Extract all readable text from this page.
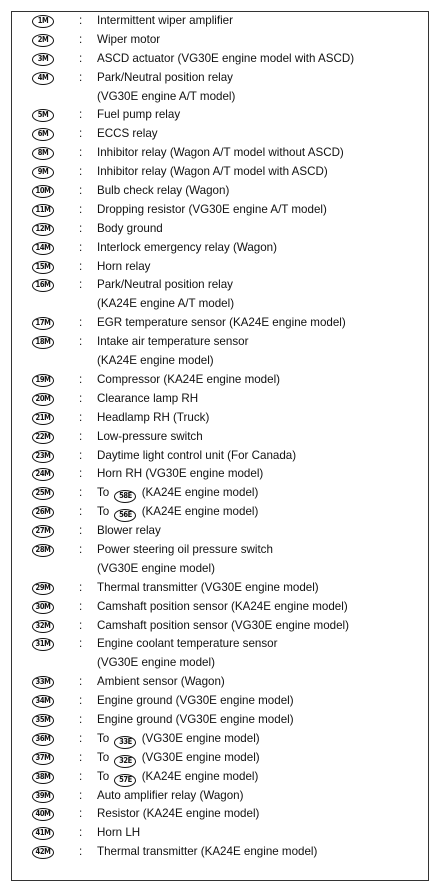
1M	: Intermittent wiper amplifier
2M	: Wiper motor
3M	: ASCD actuator (VG30E engine model with ASCD)
4M	: Park/Neutral position relay
(VG30E engine A/T model)
5M	: Fuel pump relay
6M	: ECCS relay
8M	: Inhibitor relay (Wagon A/T model without ASCD)
9M	: Inhibitor relay (Wagon A/T model with ASCD)
10M	: Bulb check relay (Wagon)
11M	: Dropping resistor (VG30E engine A/T model)
12M	: Body ground
14M	: Interlock emergency relay (Wagon)
15M	: Horn relay
16M	: Park/Neutral position relay
(KA24E engine A/T model)
17M	: EGR temperature sensor (KA24E engine model)
18M	: Intake air temperature sensor
(KA24E engine model)
19M	: Compressor (KA24E engine model)
20M	: Clearance lamp RH
21M	: Headlamp RH (Truck)
22M	: Low-pressure switch
23M	: Daytime light control unit (For Canada)
24M	: Horn RH (VG30E engine model)
25M	: To 58E (KA24E engine model)
26M	: To 56E (KA24E engine model)
27M	: Blower relay
28M	: Power steering oil pressure switch
(VG30E engine model)
29M	: Thermal transmitter (VG30E engine model)
30M	: Camshaft position sensor (KA24E engine model)
32M	: Camshaft position sensor (VG30E engine model)
31M	: Engine coolant temperature sensor
(VG30E engine model)
33M	: Ambient sensor (Wagon)
34M	: Engine ground (VG30E engine model)
35M	: Engine ground (VG30E engine model)
36M	: To 33E (VG30E engine model)
37M	: To 32E (VG30E engine model)
38M	: To 57E (KA24E engine model)
39M	: Auto amplifier relay (Wagon)
40M	: Resistor (KA24E engine model)
41M	: Horn LH
42M	: Thermal transmitter (KA24E engine model)
